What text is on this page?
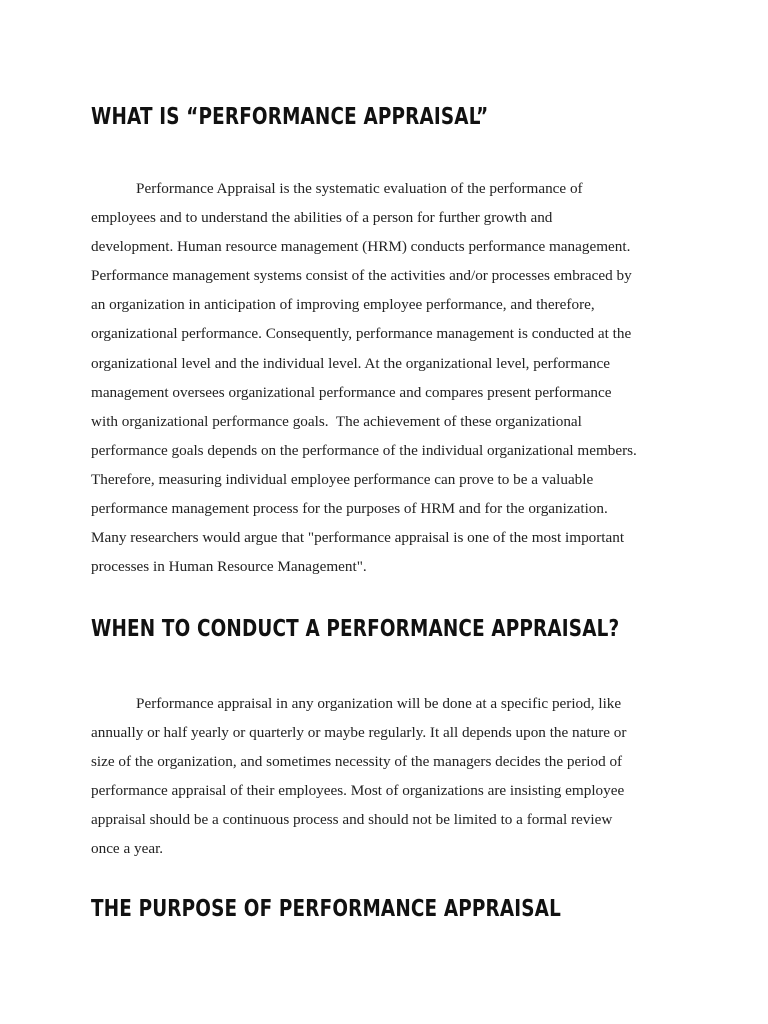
WHAT IS “PERFORMANCE APPRAISAL”
Performance Appraisal is the systematic evaluation of the performance of
employees and to understand the abilities of a person for further growth and
development. Human resource management (HRM) conducts performance management.
Performance management systems consist of the activities and/or processes embraced by
an organization in anticipation of improving employee performance, and therefore,
organizational performance. Consequently, performance management is conducted at the
organizational level and the individual level. At the organizational level, performance
management oversees organizational performance and compares present performance
with organizational performance goals.  The achievement of these organizational
performance goals depends on the performance of the individual organizational members.
Therefore, measuring individual employee performance can prove to be a valuable
performance management process for the purposes of HRM and for the organization.
Many researchers would argue that "performance appraisal is one of the most important
processes in Human Resource Management".
WHEN TO CONDUCT A PERFORMANCE APPRAISAL?
Performance appraisal in any organization will be done at a specific period, like
annually or half yearly or quarterly or maybe regularly. It all depends upon the nature or
size of the organization, and sometimes necessity of the managers decides the period of
performance appraisal of their employees. Most of organizations are insisting employee
appraisal should be a continuous process and should not be limited to a formal review
once a year.
THE PURPOSE OF PERFORMANCE APPRAISAL
